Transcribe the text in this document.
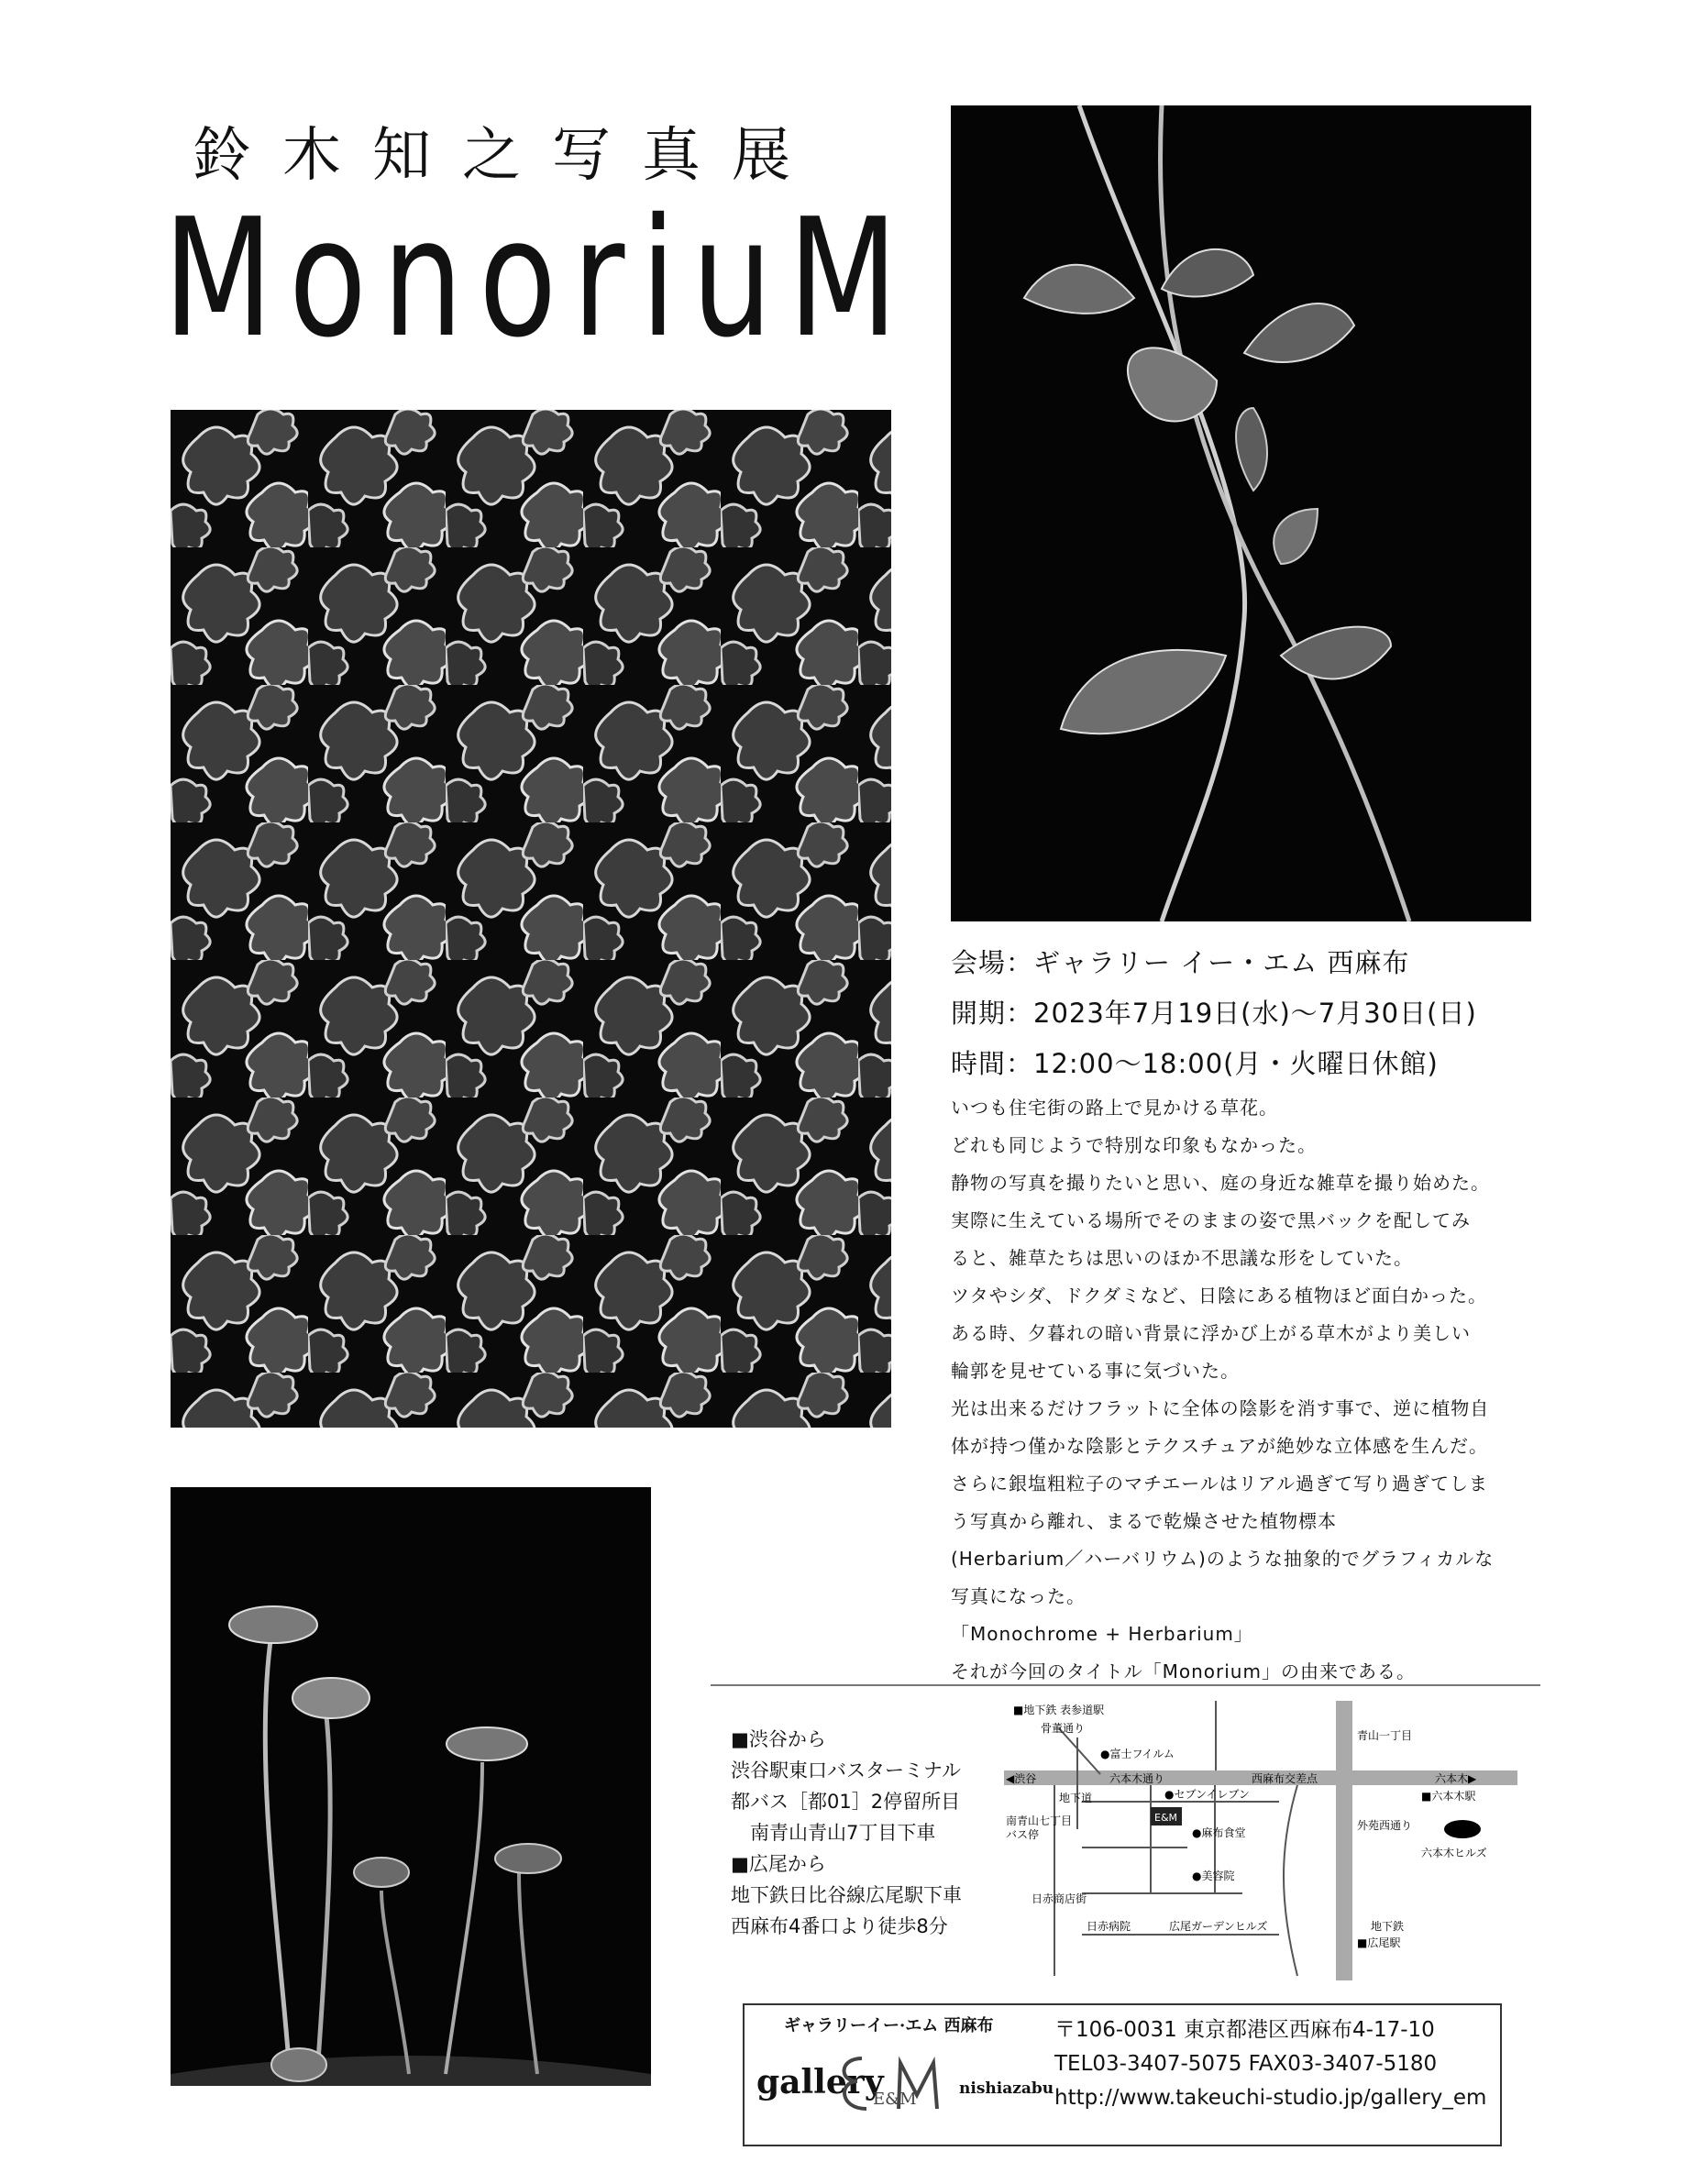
鈴木知之写真展
MonoriuM
会場：ギャラリー イー・エム 西麻布
開期：2023年7月19日(水)～7月30日(日)
時間：12:00～18:00(月・火曜日休館)
いつも住宅街の路上で見かける草花。
どれも同じようで特別な印象もなかった。
静物の写真を撮りたいと思い、庭の身近な雑草を撮り始めた。
実際に生えている場所でそのままの姿で黒バックを配してみ
ると、雑草たちは思いのほか不思議な形をしていた。
ツタやシダ、ドクダミなど、日陰にある植物ほど面白かった。
ある時、夕暮れの暗い背景に浮かび上がる草木がより美しい
輪郭を見せている事に気づいた。
光は出来るだけフラットに全体の陰影を消す事で、逆に植物自
体が持つ僅かな陰影とテクスチュアが絶妙な立体感を生んだ。
さらに銀塩粗粒子のマチエールはリアル過ぎて写り過ぎてしま
う写真から離れ、まるで乾燥させた植物標本
(Herbarium／ハーバリウム)のような抽象的でグラフィカルな
写真になった。
「Monochrome + Herbarium」
それが今回のタイトル「Monorium」の由来である。
■渋谷から
渋谷駅東口バスターミナル
都バス［都01］2停留所目
　南青山青山7丁目下車
■広尾から
地下鉄日比谷線広尾駅下車
西麻布4番口より徒歩8分
■地下鉄 表参道駅
骨董通り
●富士フイルム
◀渋谷	六本木通り	西麻布交差点	六本木▶
青山一丁目
地下道
南青山七丁目
バス停
●セブンイレブン	■六本木駅
●麻布食堂
外苑西通り
六本木ヒルズ
●美容院
日赤商店街
日赤病院	広尾ガーデンヒルズ	地下鉄
■広尾駅
E&M
ギャラリーイー·エム 西麻布
gallery
E&M
nishiazabu
〒106-0031 東京都港区西麻布4-17-10
TEL03-3407-5075 FAX03-3407-5180
http://www.takeuchi-studio.jp/gallery_em
